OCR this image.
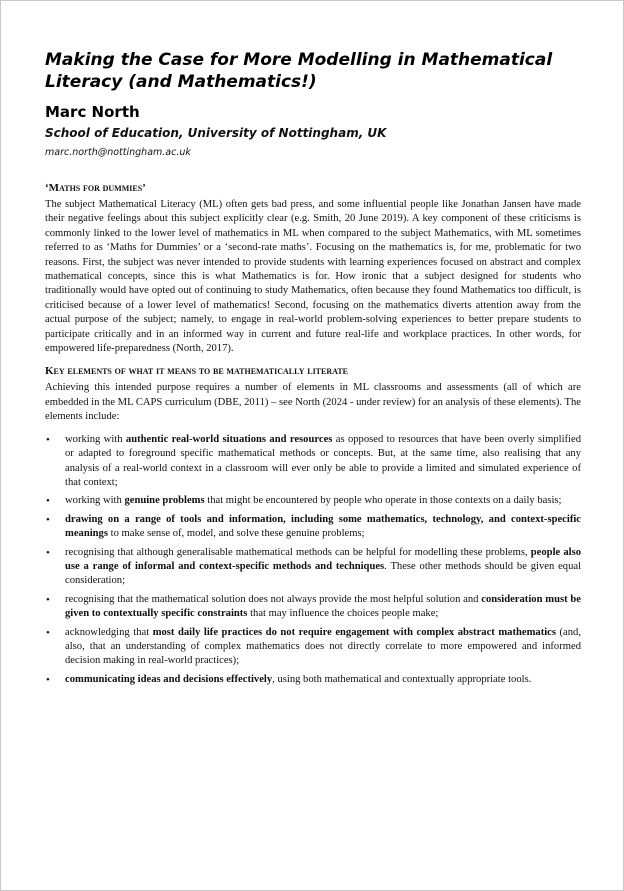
Making the Case for More Modelling in Mathematical Literacy (and Mathematics!)
Marc North
School of Education, University of Nottingham, UK
marc.north@nottingham.ac.uk
‘Maths for dummies’

The subject Mathematical Literacy (ML) often gets bad press, and some influential people like Jonathan Jansen have made their negative feelings about this subject explicitly clear (e.g. Smith, 20 June 2019). A key component of these criticisms is commonly linked to the lower level of mathematics in ML when compared to the subject Mathematics, with ML sometimes referred to as ‘Maths for Dummies’ or a ‘second-rate maths’. Focusing on the mathematics is, for me, problematic for two reasons. First, the subject was never intended to provide students with learning experiences focused on abstract and complex mathematical concepts, since this is what Mathematics is for. How ironic that a subject designed for students who traditionally would have opted out of continuing to study Mathematics, often because they found Mathematics too difficult, is criticised because of a lower level of mathematics! Second, focusing on the mathematics diverts attention away from the actual purpose of the subject; namely, to engage in real-world problem-solving experiences to better prepare students to participate critically and in an informed way in current and future real-life and workplace practices. In other words, for empowered life-preparedness (North, 2017).

Key elements of what it means to be mathematically literate

Achieving this intended purpose requires a number of elements in ML classrooms and assessments (all of which are embedded in the ML CAPS curriculum (DBE, 2011) – see North (2024 - under review) for an analysis of these elements). The elements include:

• working with authentic real-world situations and resources as opposed to resources that have been overly simplified or adapted to foreground specific mathematical methods or concepts. But, at the same time, also realising that any analysis of a real-world context in a classroom will ever only be able to provide a limited and simulated experience of that context;
• working with genuine problems that might be encountered by people who operate in those contexts on a daily basis;
• drawing on a range of tools and information, including some mathematics, technology, and context-specific meanings to make sense of, model, and solve these genuine problems;
• recognising that although generalisable mathematical methods can be helpful for modelling these problems, people also use a range of informal and context-specific methods and techniques. These other methods should be given equal consideration;
• recognising that the mathematical solution does not always provide the most helpful solution and consideration must be given to contextually specific constraints that may influence the choices people make;
• acknowledging that most daily life practices do not require engagement with complex abstract mathematics (and, also, that an understanding of complex mathematics does not directly correlate to more empowered and informed decision making in real-world practices);
• communicating ideas and decisions effectively, using both mathematical and contextually appropriate tools.
